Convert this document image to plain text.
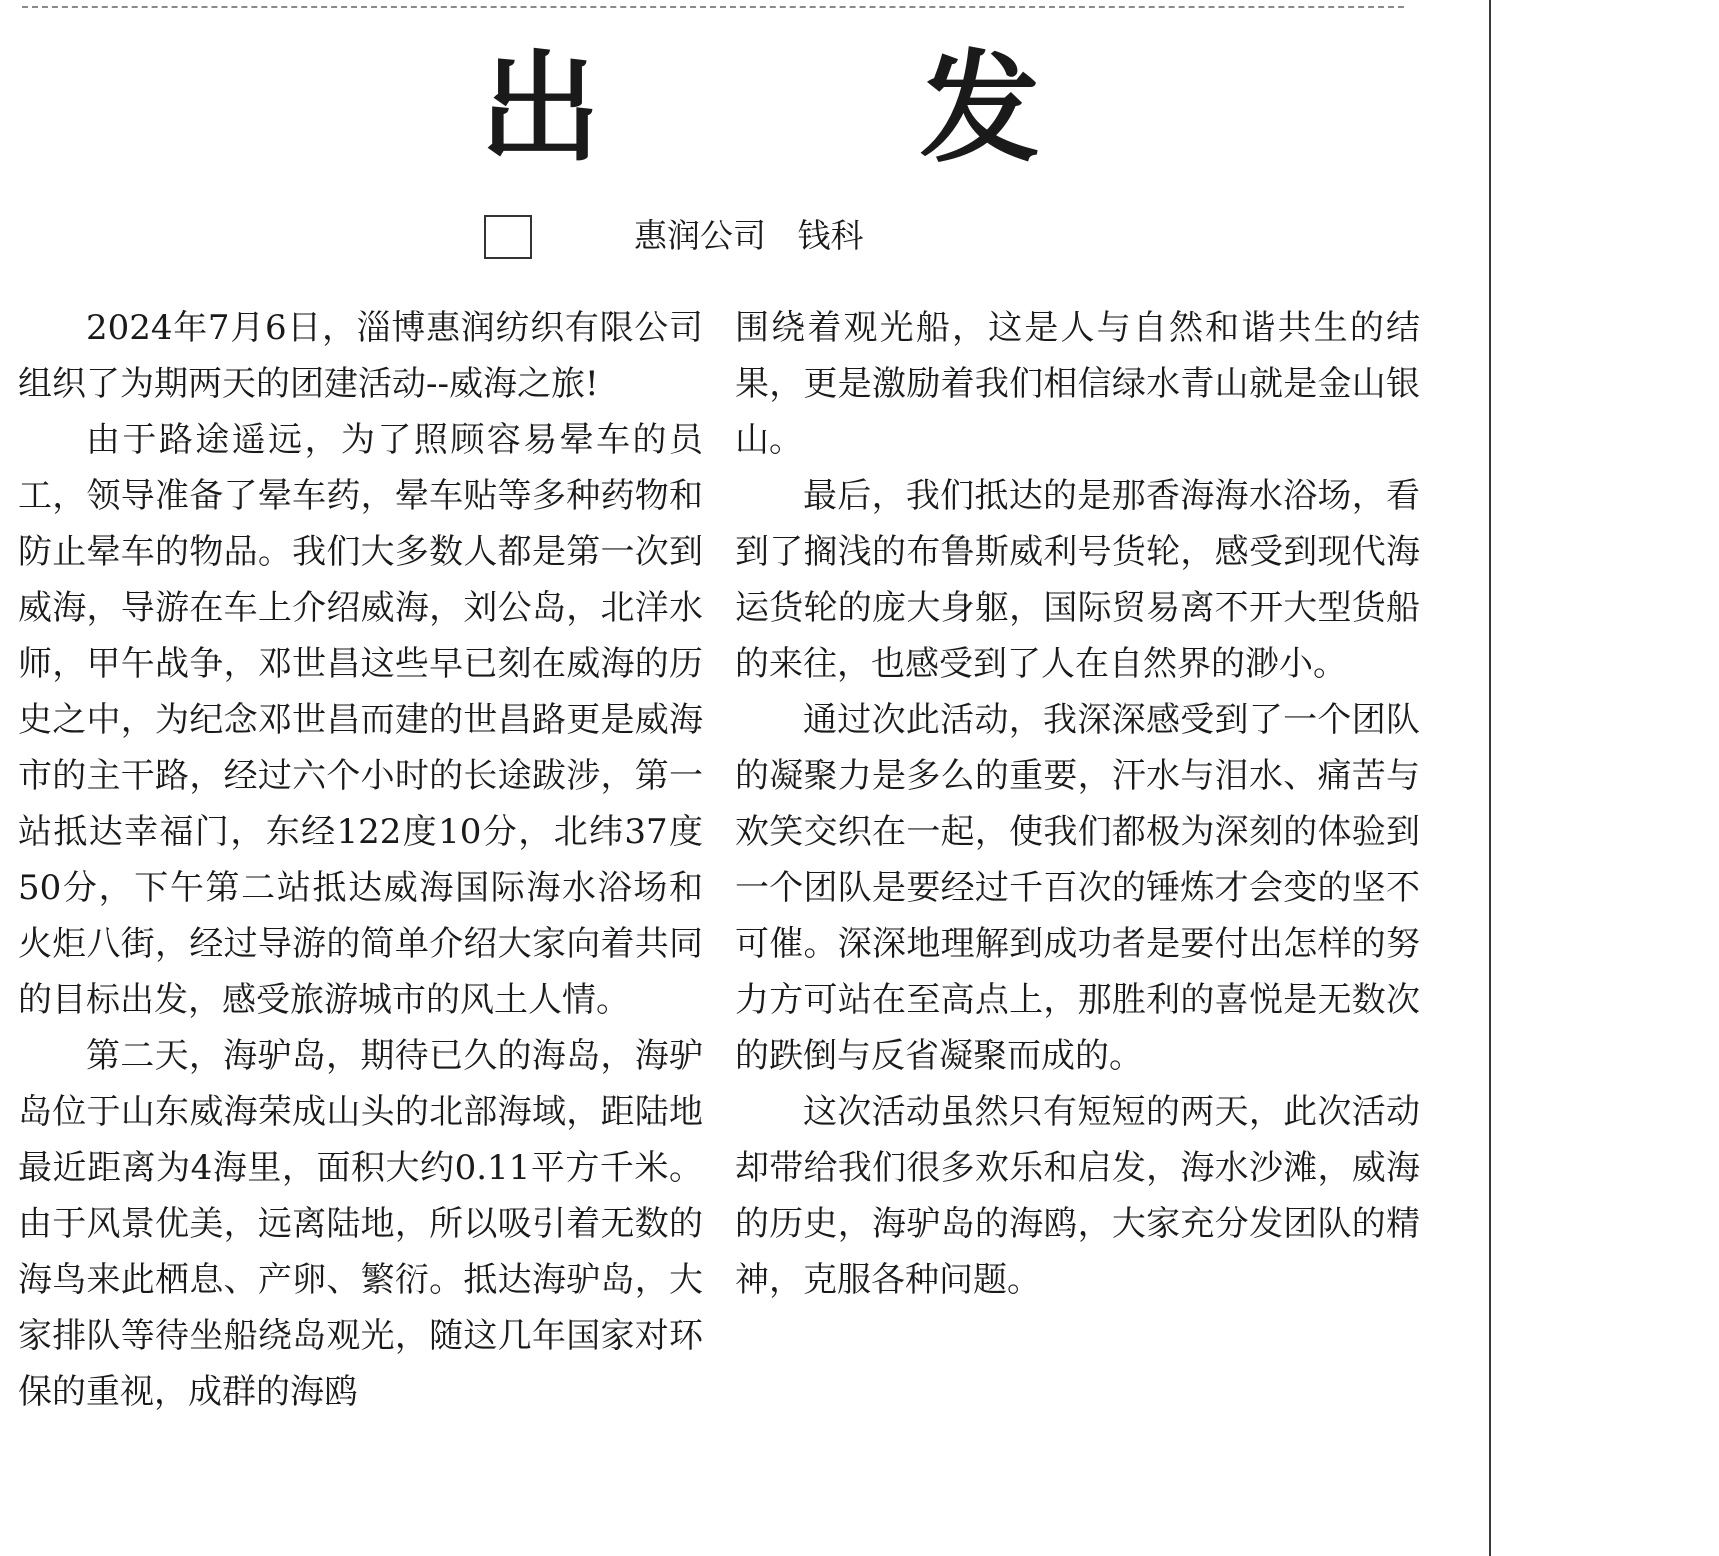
出	发
惠润公司   钱科

2024年7月6日，淄博惠润纺织有限公司组织了为期两天的团建活动--威海之旅!

由于路途遥远，为了照顾容易晕车的员工，领导准备了晕车药，晕车贴等多种药物和防止晕车的物品。我们大多数人都是第一次到威海，导游在车上介绍威海，刘公岛，北洋水师，甲午战争，邓世昌这些早已刻在威海的历史之中，为纪念邓世昌而建的世昌路更是威海市的主干路，经过六个小时的长途跋涉，第一站抵达幸福门，东经122度10分，北纬37度50分，下午第二站抵达威海国际海水浴场和火炬八街，经过导游的简单介绍大家向着共同的目标出发，感受旅游城市的风土人情。

第二天，海驴岛，期待已久的海岛，海驴岛位于山东威海荣成山头的北部海域，距陆地最近距离为4海里，面积大约0.11平方千米。由于风景优美，远离陆地，所以吸引着无数的海鸟来此栖息、产卵、繁衍。抵达海驴岛，大家排队等待坐船绕岛观光，随这几年国家对环保的重视，成群的海鸥

围绕着观光船，这是人与自然和谐共生的结果，更是激励着我们相信绿水青山就是金山银山。

最后，我们抵达的是那香海海水浴场，看到了搁浅的布鲁斯威利号货轮，感受到现代海运货轮的庞大身躯，国际贸易离不开大型货船的来往，也感受到了人在自然界的渺小。

通过次此活动，我深深感受到了一个团队的凝聚力是多么的重要，汗水与泪水、痛苦与欢笑交织在一起，使我们都极为深刻的体验到一个团队是要经过千百次的锤炼才会变的坚不可催。深深地理解到成功者是要付出怎样的努力方可站在至高点上，那胜利的喜悦是无数次的跌倒与反省凝聚而成的。

这次活动虽然只有短短的两天，此次活动却带给我们很多欢乐和启发，海水沙滩，威海的历史，海驴岛的海鸥，大家充分发团队的精神，克服各种问题。
